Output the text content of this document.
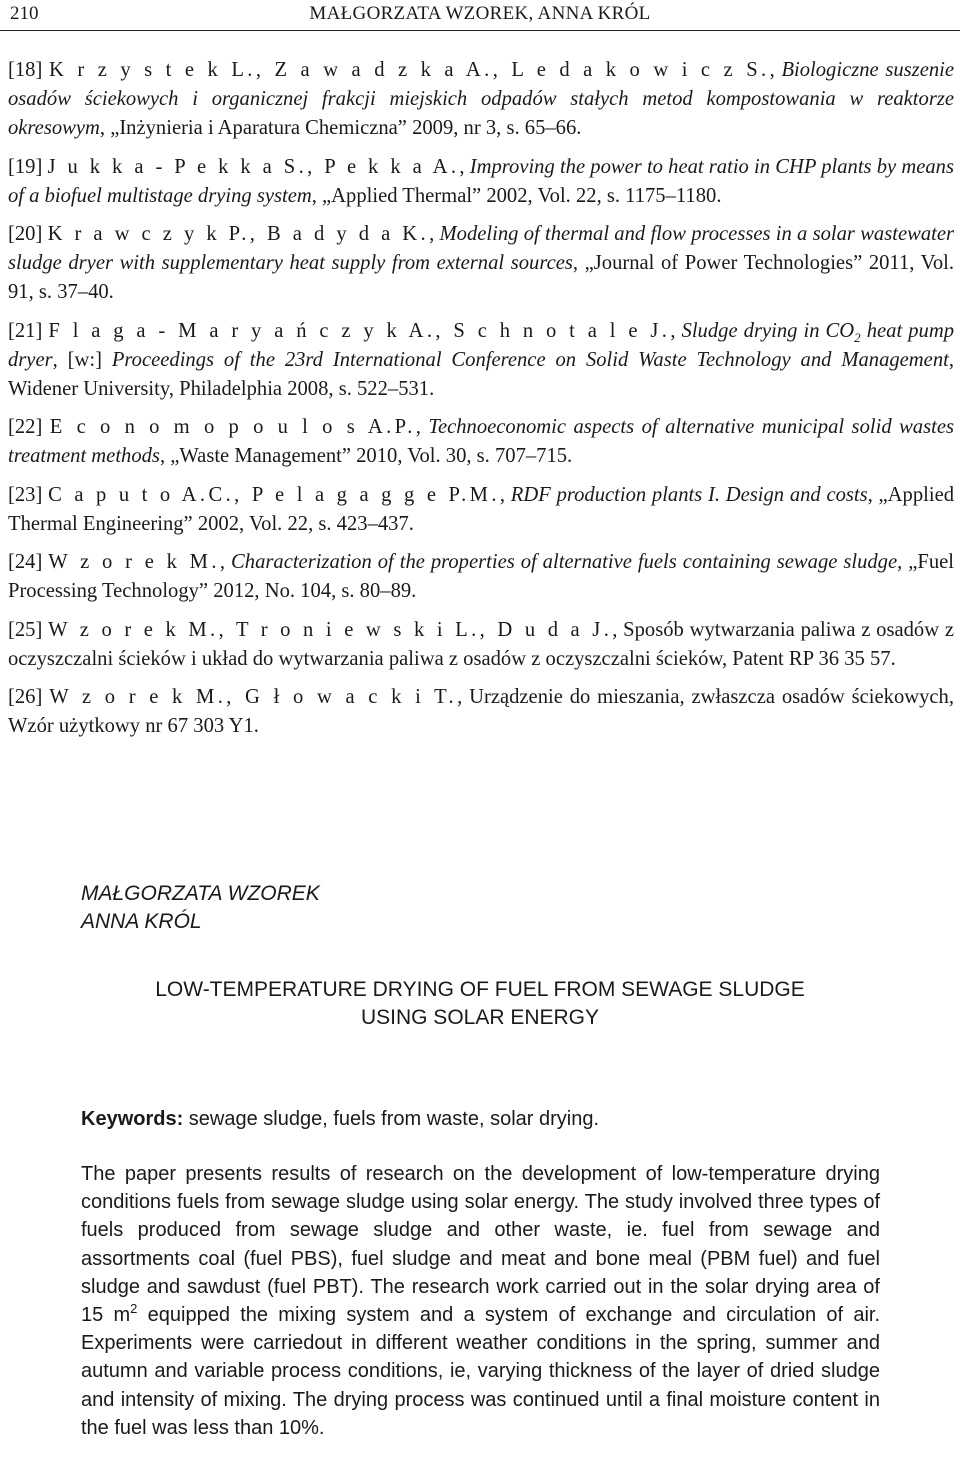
210	MAŁGORZATA WZOREK, ANNA KRÓL
[18] K r z y s t e k L., Z a w a d z k a A., L e d a k o w i c z S., Biologiczne suszenie osadów ściekowych i organicznej frakcji miejskich odpadów stałych metod kompostowania w reaktorze okresowym, „Inżynieria i Aparatura Chemiczna” 2009, nr 3, s. 65–66.
[19] J u k k a - P e k k a S., P e k k a A., Improving the power to heat ratio in CHP plants by means of a biofuel multistage drying system, „Applied Thermal” 2002, Vol. 22, s. 1175–1180.
[20] K r a w c z y k P., B a d y d a K., Modeling of thermal and flow processes in a solar wastewater sludge dryer with supplementary heat supply from external sources, „Journal of Power Technologies” 2011, Vol. 91, s. 37–40.
[21] F l a g a - M a r y a ń c z y k A., S c h n o t a l e J., Sludge drying in $CO_2$ heat pump dryer, [w:] Proceedings of the 23rd International Conference on Solid Waste Technology and Management, Widener University, Philadelphia 2008, s. 522–531.
[22] E c o n o m o p o u l o s A.P., Technoeconomic aspects of alternative municipal solid wastes treatment methods, „Waste Management” 2010, Vol. 30, s. 707–715.
[23] C a p u t o A.C., P e l a g a g g e P.M., RDF production plants I. Design and costs, „Applied Thermal Engineering” 2002, Vol. 22, s. 423–437.
[24] W z o r e k M., Characterization of the properties of alternative fuels containing sewage sludge, „Fuel Processing Technology” 2012, No. 104, s. 80–89.
[25] W z o r e k M., T r o n i e w s k i L., D u d a J., Sposób wytwarzania paliwa z osadów z oczyszczalni ścieków i układ do wytwarzania paliwa z osadów z oczyszczalni ścieków, Patent RP 36 35 57.
[26] W z o r e k M., G ł o w a c k i T., Urządzenie do mieszania, zwłaszcza osadów ściekowych, Wzór użytkowy nr 67 303 Y1.
MAŁGORZATA WZOREK
ANNA KRÓL
LOW-TEMPERATURE DRYING OF FUEL FROM SEWAGE SLUDGE
USING SOLAR ENERGY
Keywords: sewage sludge, fuels from waste, solar drying.
The paper presents results of research on the development of low-temperature drying conditions fuels from sewage sludge using solar energy. The study involved three types of fuels produced from sewage sludge and other waste, ie. fuel from sewage and assortments coal (fuel PBS), fuel sludge and meat and bone meal (PBM fuel) and fuel sludge and sawdust (fuel PBT). The research work carried out in the solar drying area of 15 $m^2$ equipped the mixing system and a system of exchange and circulation of air. Experiments were carriedout in different weather conditions in the spring, summer and autumn and variable process conditions, ie, varying thickness of the layer of dried sludge and intensity of mixing. The drying process was continued until a final moisture content in the fuel was less than 10%.
